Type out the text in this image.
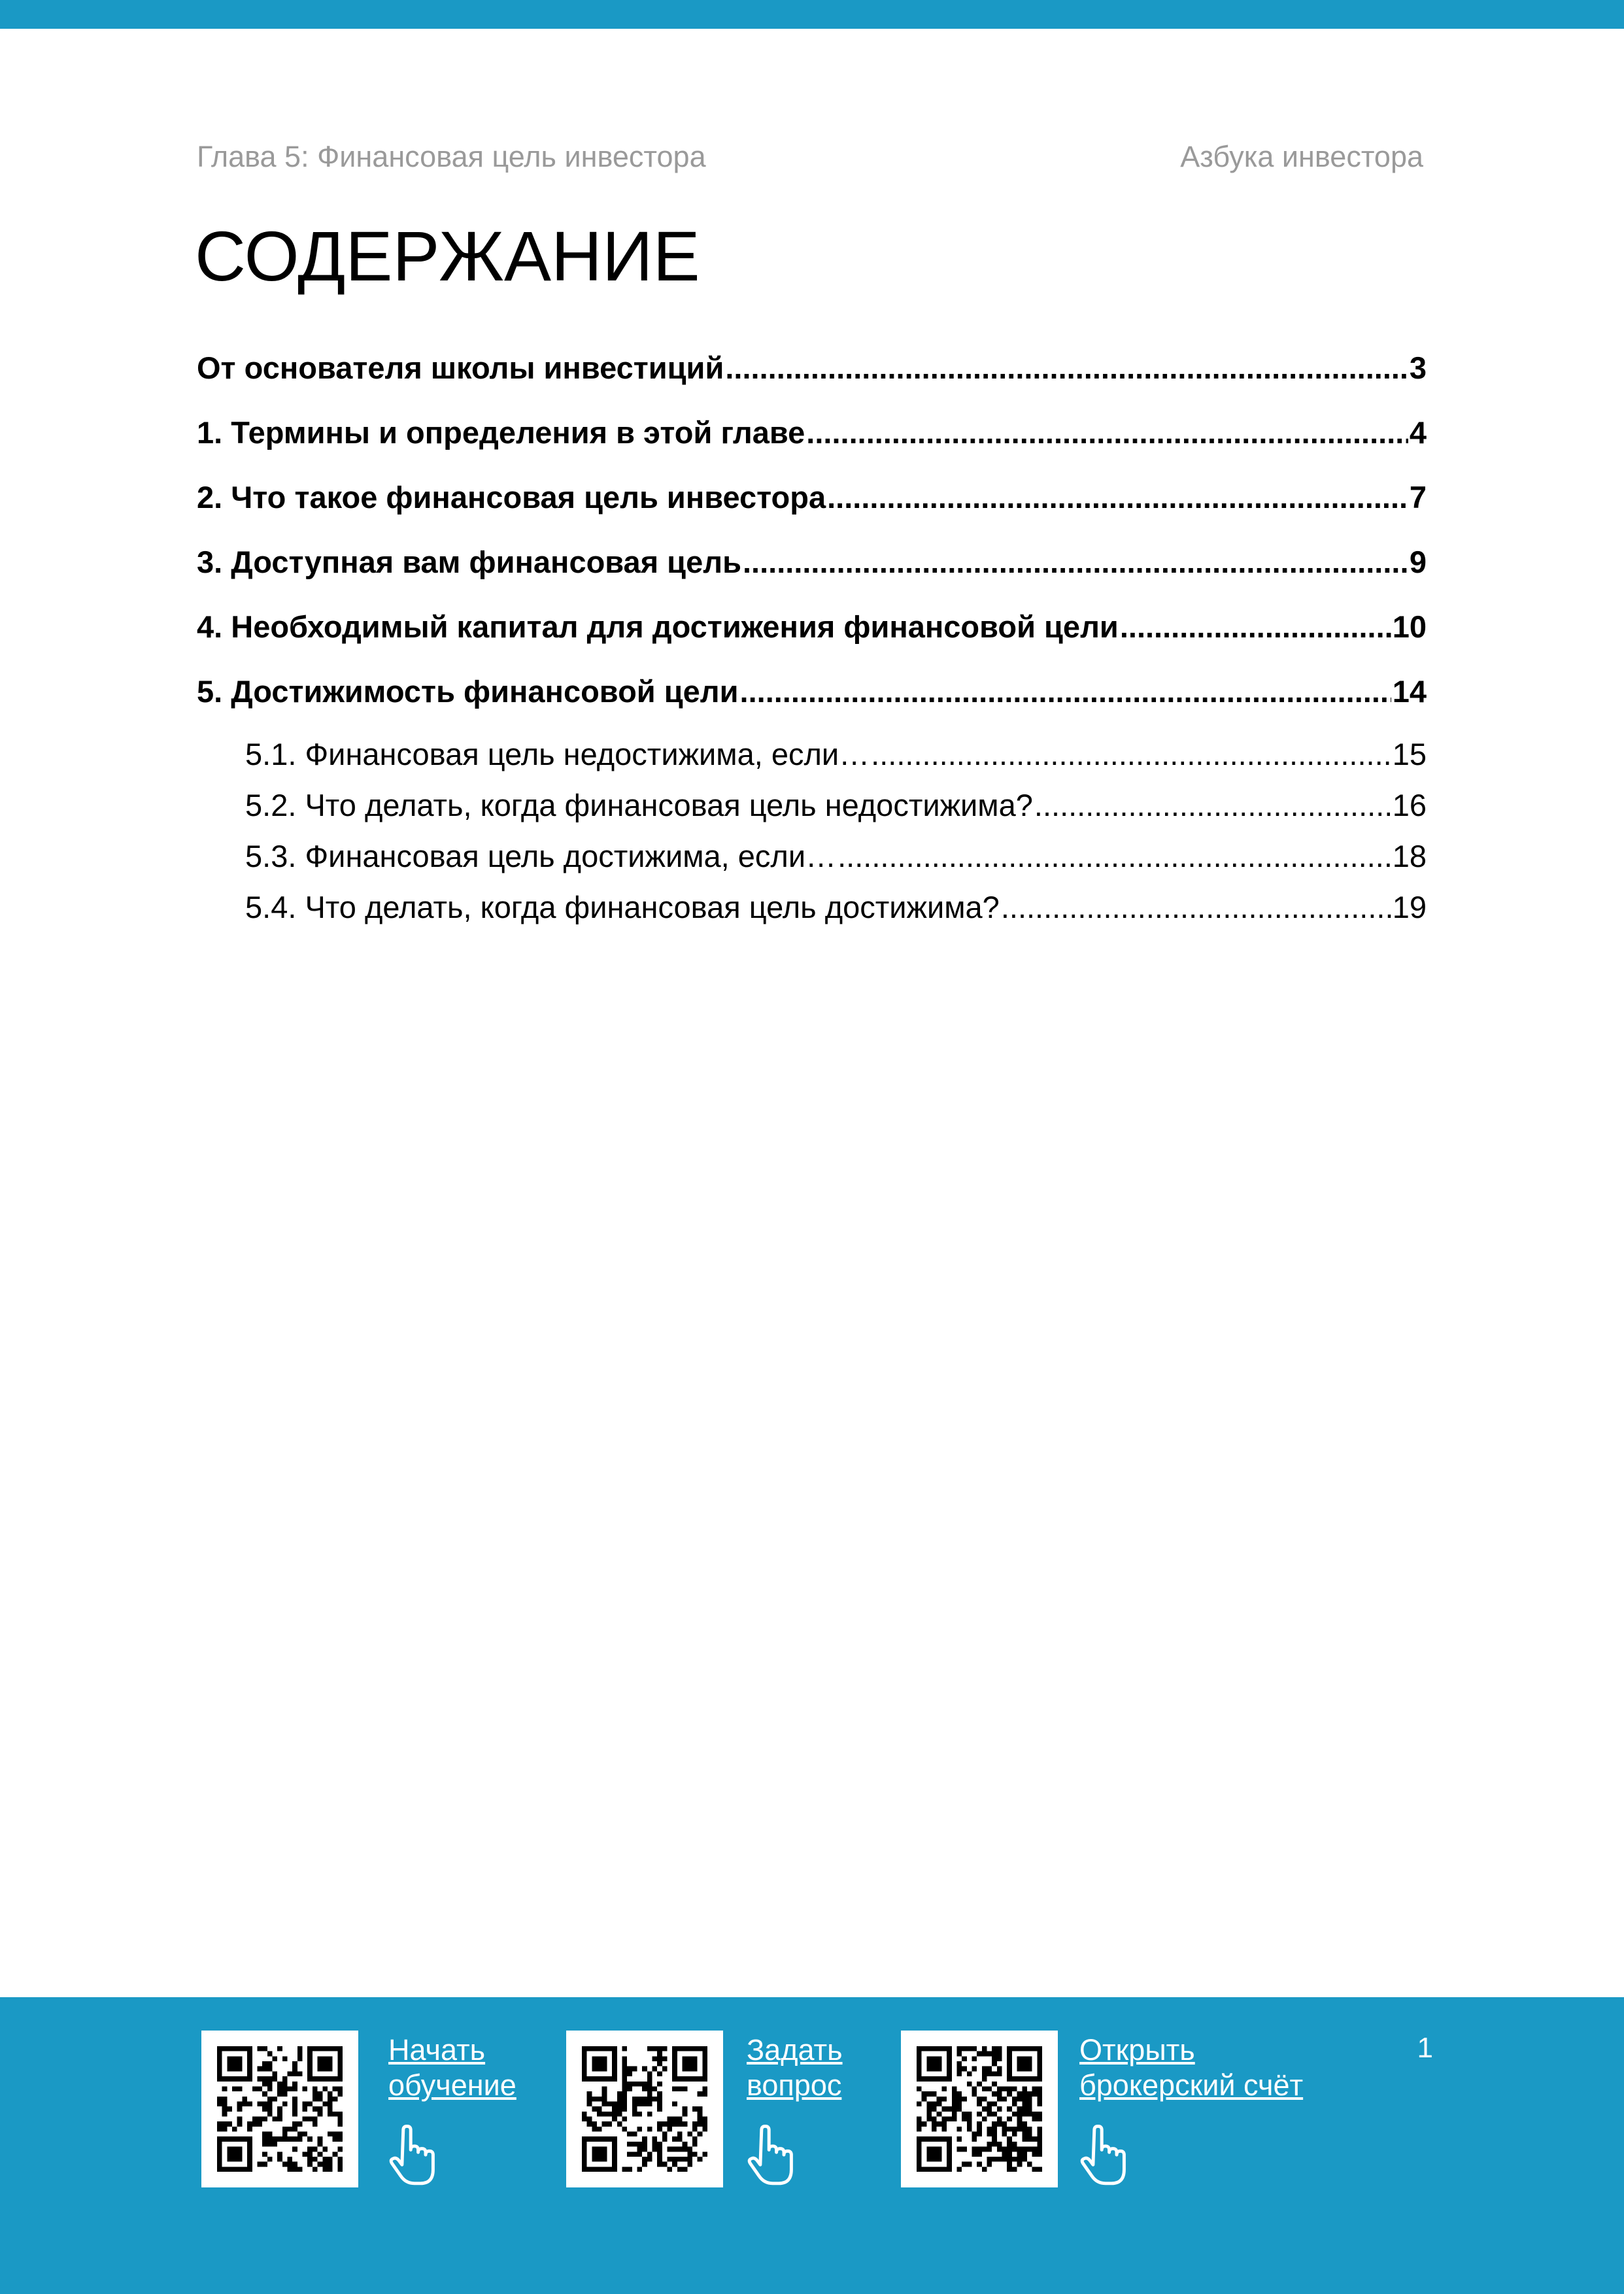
Глава 5: Финансовая цель инвестора	Азбука инвестора
СОДЕРЖАНИЕ
От основателя школы инвестиций .....	3
1. Термины и определения в этой главе .....	4
2. Что такое финансовая цель инвестора .....	7
3. Доступная вам финансовая цель .....	9
4. Необходимый капитал для достижения финансовой цели .....	10
5. Достижимость финансовой цели .....	14
5.1. Финансовая цель недостижима, если… .....	15
5.2. Что делать, когда финансовая цель недостижима? .....	16
5.3. Финансовая цель достижима, если… .....	18
5.4. Что делать, когда финансовая цель достижима? .....	19
Начать
обучение
Задать
вопрос
Открыть
брокерский счёт
1
